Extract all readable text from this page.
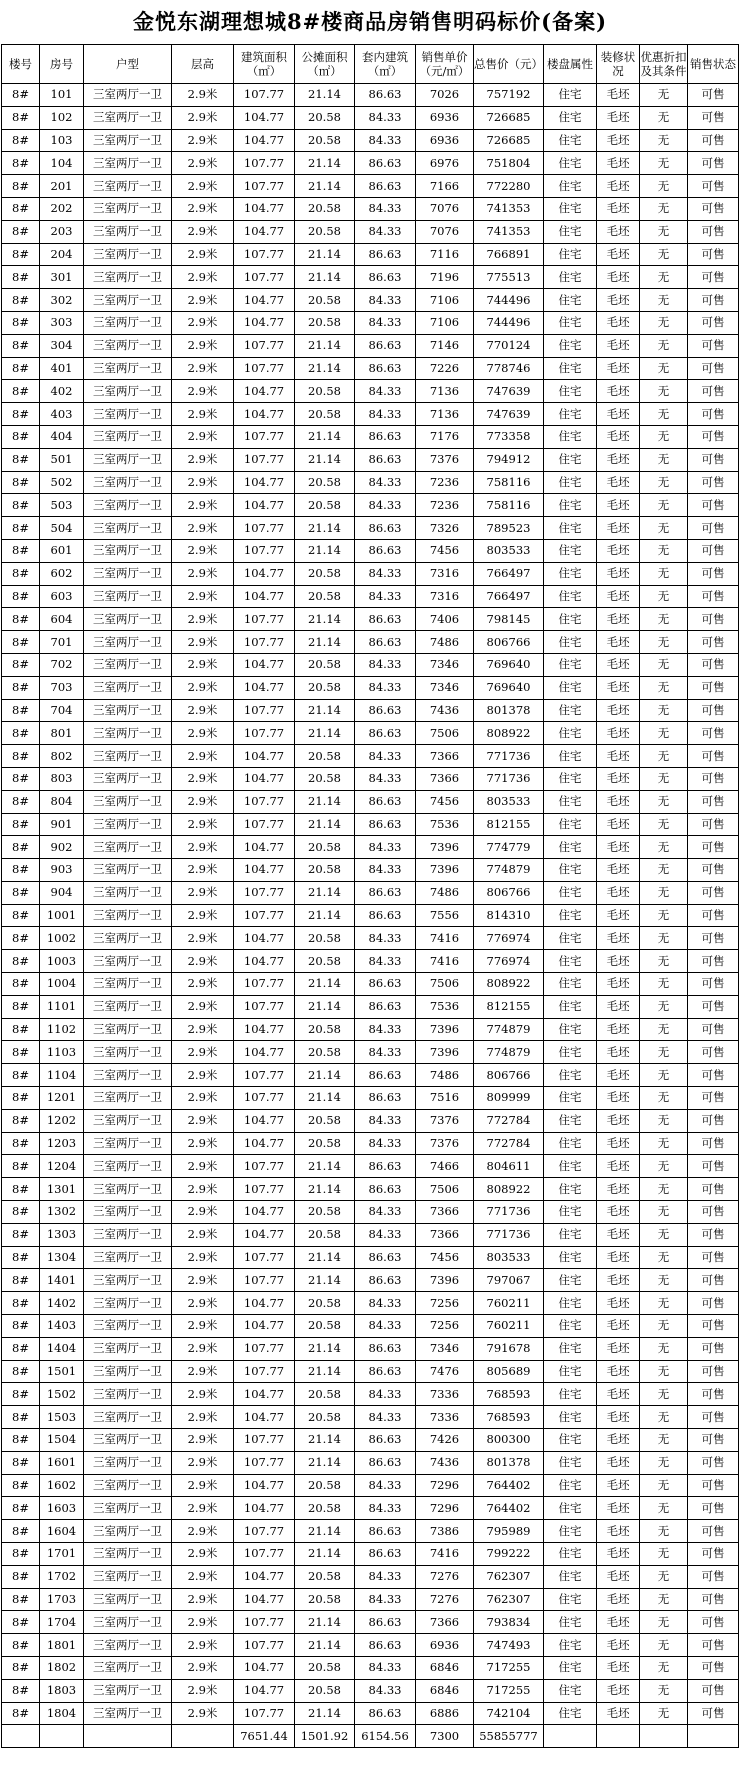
金悦东湖理想城8#楼商品房销售明码标价(备案)
楼号	房号	户型	层高	建筑面积（㎡）	公摊面积（㎡）	套内建筑（㎡）	销售单价（元/㎡）	总售价（元）	楼盘属性	装修状况	优惠折扣及其条件	销售状态
8#	101	三室两厅一卫	2.9米	107.77	21.14	86.63	7026	757192	住宅	毛坯	无	可售
8#	102	三室两厅一卫	2.9米	104.77	20.58	84.33	6936	726685	住宅	毛坯	无	可售
8#	103	三室两厅一卫	2.9米	104.77	20.58	84.33	6936	726685	住宅	毛坯	无	可售
8#	104	三室两厅一卫	2.9米	107.77	21.14	86.63	6976	751804	住宅	毛坯	无	可售
8#	201	三室两厅一卫	2.9米	107.77	21.14	86.63	7166	772280	住宅	毛坯	无	可售
8#	202	三室两厅一卫	2.9米	104.77	20.58	84.33	7076	741353	住宅	毛坯	无	可售
8#	203	三室两厅一卫	2.9米	104.77	20.58	84.33	7076	741353	住宅	毛坯	无	可售
8#	204	三室两厅一卫	2.9米	107.77	21.14	86.63	7116	766891	住宅	毛坯	无	可售
8#	301	三室两厅一卫	2.9米	107.77	21.14	86.63	7196	775513	住宅	毛坯	无	可售
8#	302	三室两厅一卫	2.9米	104.77	20.58	84.33	7106	744496	住宅	毛坯	无	可售
8#	303	三室两厅一卫	2.9米	104.77	20.58	84.33	7106	744496	住宅	毛坯	无	可售
8#	304	三室两厅一卫	2.9米	107.77	21.14	86.63	7146	770124	住宅	毛坯	无	可售
8#	401	三室两厅一卫	2.9米	107.77	21.14	86.63	7226	778746	住宅	毛坯	无	可售
8#	402	三室两厅一卫	2.9米	104.77	20.58	84.33	7136	747639	住宅	毛坯	无	可售
8#	403	三室两厅一卫	2.9米	104.77	20.58	84.33	7136	747639	住宅	毛坯	无	可售
8#	404	三室两厅一卫	2.9米	107.77	21.14	86.63	7176	773358	住宅	毛坯	无	可售
8#	501	三室两厅一卫	2.9米	107.77	21.14	86.63	7376	794912	住宅	毛坯	无	可售
8#	502	三室两厅一卫	2.9米	104.77	20.58	84.33	7236	758116	住宅	毛坯	无	可售
8#	503	三室两厅一卫	2.9米	104.77	20.58	84.33	7236	758116	住宅	毛坯	无	可售
8#	504	三室两厅一卫	2.9米	107.77	21.14	86.63	7326	789523	住宅	毛坯	无	可售
8#	601	三室两厅一卫	2.9米	107.77	21.14	86.63	7456	803533	住宅	毛坯	无	可售
8#	602	三室两厅一卫	2.9米	104.77	20.58	84.33	7316	766497	住宅	毛坯	无	可售
8#	603	三室两厅一卫	2.9米	104.77	20.58	84.33	7316	766497	住宅	毛坯	无	可售
8#	604	三室两厅一卫	2.9米	107.77	21.14	86.63	7406	798145	住宅	毛坯	无	可售
8#	701	三室两厅一卫	2.9米	107.77	21.14	86.63	7486	806766	住宅	毛坯	无	可售
8#	702	三室两厅一卫	2.9米	104.77	20.58	84.33	7346	769640	住宅	毛坯	无	可售
8#	703	三室两厅一卫	2.9米	104.77	20.58	84.33	7346	769640	住宅	毛坯	无	可售
8#	704	三室两厅一卫	2.9米	107.77	21.14	86.63	7436	801378	住宅	毛坯	无	可售
8#	801	三室两厅一卫	2.9米	107.77	21.14	86.63	7506	808922	住宅	毛坯	无	可售
8#	802	三室两厅一卫	2.9米	104.77	20.58	84.33	7366	771736	住宅	毛坯	无	可售
8#	803	三室两厅一卫	2.9米	104.77	20.58	84.33	7366	771736	住宅	毛坯	无	可售
8#	804	三室两厅一卫	2.9米	107.77	21.14	86.63	7456	803533	住宅	毛坯	无	可售
8#	901	三室两厅一卫	2.9米	107.77	21.14	86.63	7536	812155	住宅	毛坯	无	可售
8#	902	三室两厅一卫	2.9米	104.77	20.58	84.33	7396	774779	住宅	毛坯	无	可售
8#	903	三室两厅一卫	2.9米	104.77	20.58	84.33	7396	774879	住宅	毛坯	无	可售
8#	904	三室两厅一卫	2.9米	107.77	21.14	86.63	7486	806766	住宅	毛坯	无	可售
8#	1001	三室两厅一卫	2.9米	107.77	21.14	86.63	7556	814310	住宅	毛坯	无	可售
8#	1002	三室两厅一卫	2.9米	104.77	20.58	84.33	7416	776974	住宅	毛坯	无	可售
8#	1003	三室两厅一卫	2.9米	104.77	20.58	84.33	7416	776974	住宅	毛坯	无	可售
8#	1004	三室两厅一卫	2.9米	107.77	21.14	86.63	7506	808922	住宅	毛坯	无	可售
8#	1101	三室两厅一卫	2.9米	107.77	21.14	86.63	7536	812155	住宅	毛坯	无	可售
8#	1102	三室两厅一卫	2.9米	104.77	20.58	84.33	7396	774879	住宅	毛坯	无	可售
8#	1103	三室两厅一卫	2.9米	104.77	20.58	84.33	7396	774879	住宅	毛坯	无	可售
8#	1104	三室两厅一卫	2.9米	107.77	21.14	86.63	7486	806766	住宅	毛坯	无	可售
8#	1201	三室两厅一卫	2.9米	107.77	21.14	86.63	7516	809999	住宅	毛坯	无	可售
8#	1202	三室两厅一卫	2.9米	104.77	20.58	84.33	7376	772784	住宅	毛坯	无	可售
8#	1203	三室两厅一卫	2.9米	104.77	20.58	84.33	7376	772784	住宅	毛坯	无	可售
8#	1204	三室两厅一卫	2.9米	107.77	21.14	86.63	7466	804611	住宅	毛坯	无	可售
8#	1301	三室两厅一卫	2.9米	107.77	21.14	86.63	7506	808922	住宅	毛坯	无	可售
8#	1302	三室两厅一卫	2.9米	104.77	20.58	84.33	7366	771736	住宅	毛坯	无	可售
8#	1303	三室两厅一卫	2.9米	104.77	20.58	84.33	7366	771736	住宅	毛坯	无	可售
8#	1304	三室两厅一卫	2.9米	107.77	21.14	86.63	7456	803533	住宅	毛坯	无	可售
8#	1401	三室两厅一卫	2.9米	107.77	21.14	86.63	7396	797067	住宅	毛坯	无	可售
8#	1402	三室两厅一卫	2.9米	104.77	20.58	84.33	7256	760211	住宅	毛坯	无	可售
8#	1403	三室两厅一卫	2.9米	104.77	20.58	84.33	7256	760211	住宅	毛坯	无	可售
8#	1404	三室两厅一卫	2.9米	107.77	21.14	86.63	7346	791678	住宅	毛坯	无	可售
8#	1501	三室两厅一卫	2.9米	107.77	21.14	86.63	7476	805689	住宅	毛坯	无	可售
8#	1502	三室两厅一卫	2.9米	104.77	20.58	84.33	7336	768593	住宅	毛坯	无	可售
8#	1503	三室两厅一卫	2.9米	104.77	20.58	84.33	7336	768593	住宅	毛坯	无	可售
8#	1504	三室两厅一卫	2.9米	107.77	21.14	86.63	7426	800300	住宅	毛坯	无	可售
8#	1601	三室两厅一卫	2.9米	107.77	21.14	86.63	7436	801378	住宅	毛坯	无	可售
8#	1602	三室两厅一卫	2.9米	104.77	20.58	84.33	7296	764402	住宅	毛坯	无	可售
8#	1603	三室两厅一卫	2.9米	104.77	20.58	84.33	7296	764402	住宅	毛坯	无	可售
8#	1604	三室两厅一卫	2.9米	107.77	21.14	86.63	7386	795989	住宅	毛坯	无	可售
8#	1701	三室两厅一卫	2.9米	107.77	21.14	86.63	7416	799222	住宅	毛坯	无	可售
8#	1702	三室两厅一卫	2.9米	104.77	20.58	84.33	7276	762307	住宅	毛坯	无	可售
8#	1703	三室两厅一卫	2.9米	104.77	20.58	84.33	7276	762307	住宅	毛坯	无	可售
8#	1704	三室两厅一卫	2.9米	107.77	21.14	86.63	7366	793834	住宅	毛坯	无	可售
8#	1801	三室两厅一卫	2.9米	107.77	21.14	86.63	6936	747493	住宅	毛坯	无	可售
8#	1802	三室两厅一卫	2.9米	104.77	20.58	84.33	6846	717255	住宅	毛坯	无	可售
8#	1803	三室两厅一卫	2.9米	104.77	20.58	84.33	6846	717255	住宅	毛坯	无	可售
8#	1804	三室两厅一卫	2.9米	107.77	21.14	86.63	6886	742104	住宅	毛坯	无	可售
				7651.44	1501.92	6154.56	7300	55855777				
